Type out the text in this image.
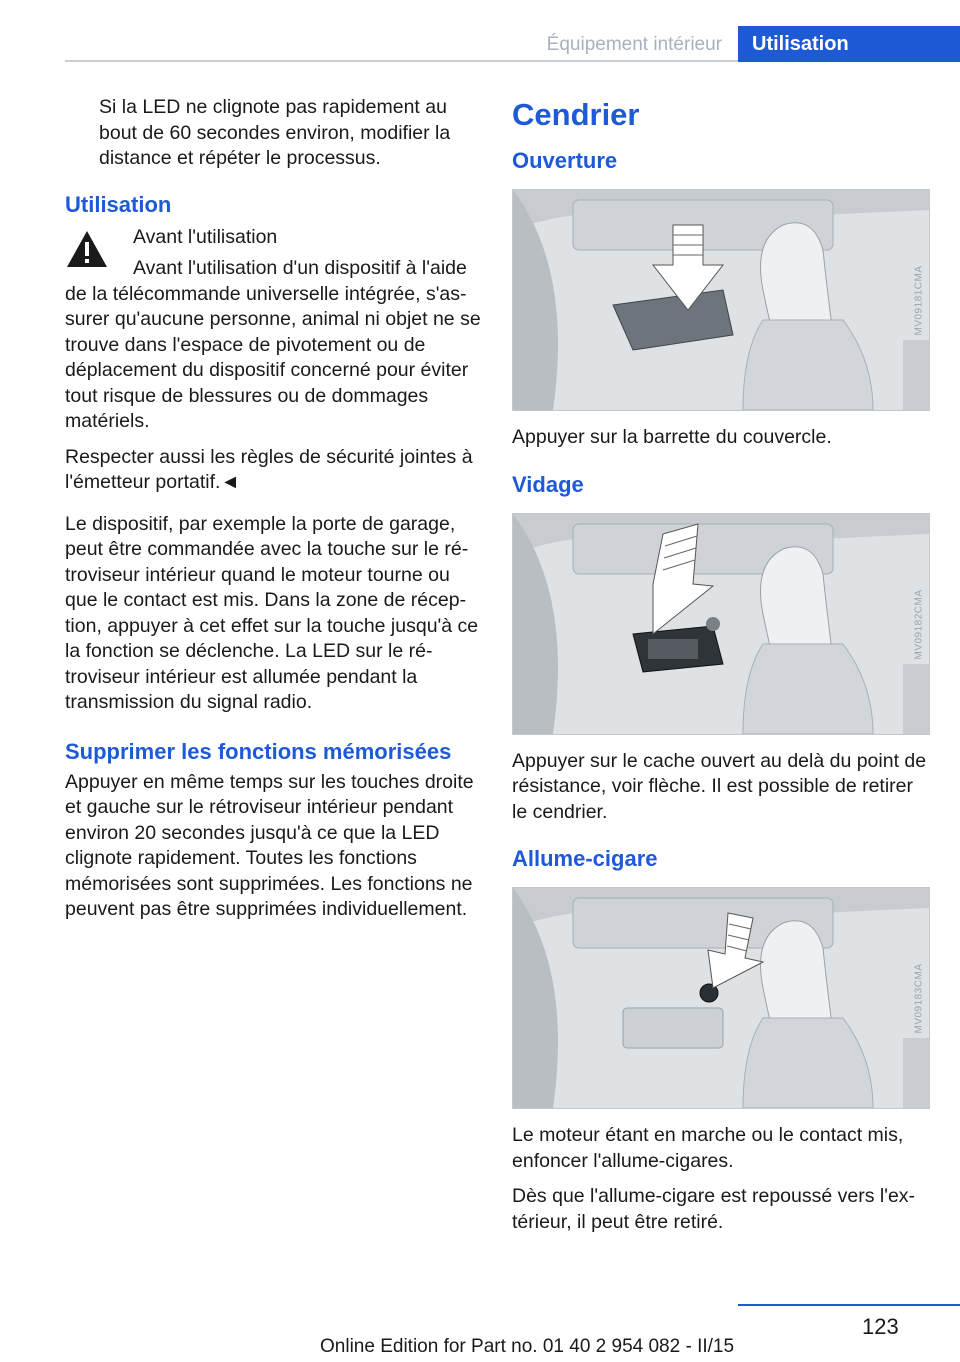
Équipement intérieur	Utilisation

Si la LED ne clignote pas rapidement au bout de 60 secondes environ, modifier la distance et répéter le processus.

Utilisation

Avant l'utilisation

Avant l'utilisation d'un dispositif à l'aide

de la télécommande universelle intégrée, s'assurer qu'aucune personne, animal ni objet ne se trouve dans l'espace de pivotement ou de déplacement du dispositif concerné pour éviter tout risque de blessures ou de dommages matériels.

Respecter aussi les règles de sécurité jointes à l'émetteur portatif.◄

Le dispositif, par exemple la porte de garage, peut être commandée avec la touche sur le rétroviseur intérieur quand le moteur tourne ou que le contact est mis. Dans la zone de réception, appuyer à cet effet sur la touche jusqu'à ce la fonction se déclenche. La LED sur le rétroviseur intérieur est allumée pendant la transmission du signal radio.

Supprimer les fonctions mémorisées

Appuyer en même temps sur les touches droite et gauche sur le rétroviseur intérieur pendant environ 20 secondes jusqu'à ce que la LED clignote rapidement. Toutes les fonctions mémorisées sont supprimées. Les fonctions ne peuvent pas être supprimées individuellement.

Cendrier
Ouverture
MV09181CMA

Appuyer sur la barrette du couvercle.

Vidage
MV09182CMA

Appuyer sur le cache ouvert au delà du point de résistance, voir flèche. Il est possible de retirer le cendrier.

Allume-cigare
MV09183CMA

Le moteur étant en marche ou le contact mis, enfoncer l'allume-cigares.

Dès que l'allume-cigare est repoussé vers l'extérieur, il peut être retiré.

123
Online Edition for Part no. 01 40 2 954 082 - II/15
